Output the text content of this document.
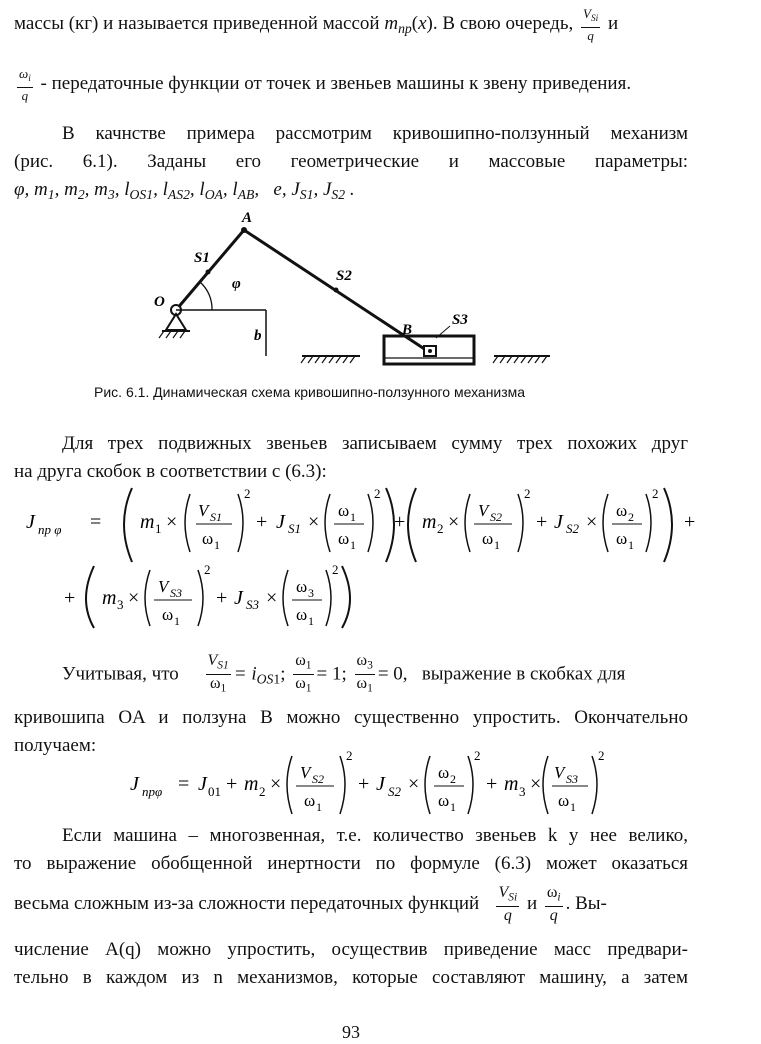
массы (кг) и называется приведенной массой $m_{пр}(x)$. В свою очередь, $\frac{V_{Si}}{q}$ и
$\frac{\omega_i}{q}$ - передаточные функции от точек и звеньев машины к звену приведения.
В качнстве примера рассмотрим кривошипно-ползунный механизм
(рис. 6.1). Заданы его геометрические и массовые параметры:
φ, $m_1$, $m_2$, $m_3$, $l_{OS1}$, $l_{AS2}$, $l_{OA}$, $l_{AB}$,   e, $J_{S1}$, $J_{S2}$ .
A
S1
S2
O
φ
B
S3
b
Рис. 6.1. Динамическая схема кривошипно-ползунного механизма
Для трех подвижных звеньев записываем сумму трех похожих друг
на друга скобок в соответствии с (6.3):
J пр φ = m 1 ×
V S1
ω 1
2
+ J S1 ×
ω 1
ω 1
2
+ m 2 ×
V S2
ω 1
2
+ J S2 ×
ω 2
ω 1
2
+
+ m 3 ×
V S3
ω 1
2
+ J S3 ×
ω 3
ω 1
2
Учитывая, что $\frac{V_{S1}}{\omega_1} = i_{OS1}$; $\frac{\omega_1}{\omega_1} = 1$; $\frac{\omega_3}{\omega_1} = 0$,   выражение в скобках для
кривошипа OA и ползуна B можно существенно упростить. Окончательно
получаем:
J прφ = J 01 + m 2 ×
V S2
ω 1
2
+ J S2 ×
ω 2
ω 1
2
+ m 3 ×
V S3
ω 1
2
Если машина – многозвенная, т.е. количество звеньев k у нее велико,
то выражение обобщенной инертности по формуле (6.3) может оказаться
весьма сложным из-за сложности передаточных функций $\frac{V_{Si}}{q}$ и $\frac{\omega_i}{q}$ . Вы-
числение A(q) можно упростить, осуществив приведение масс предвари-
тельно в каждом из n механизмов, которые составляют машину, а затем
93
